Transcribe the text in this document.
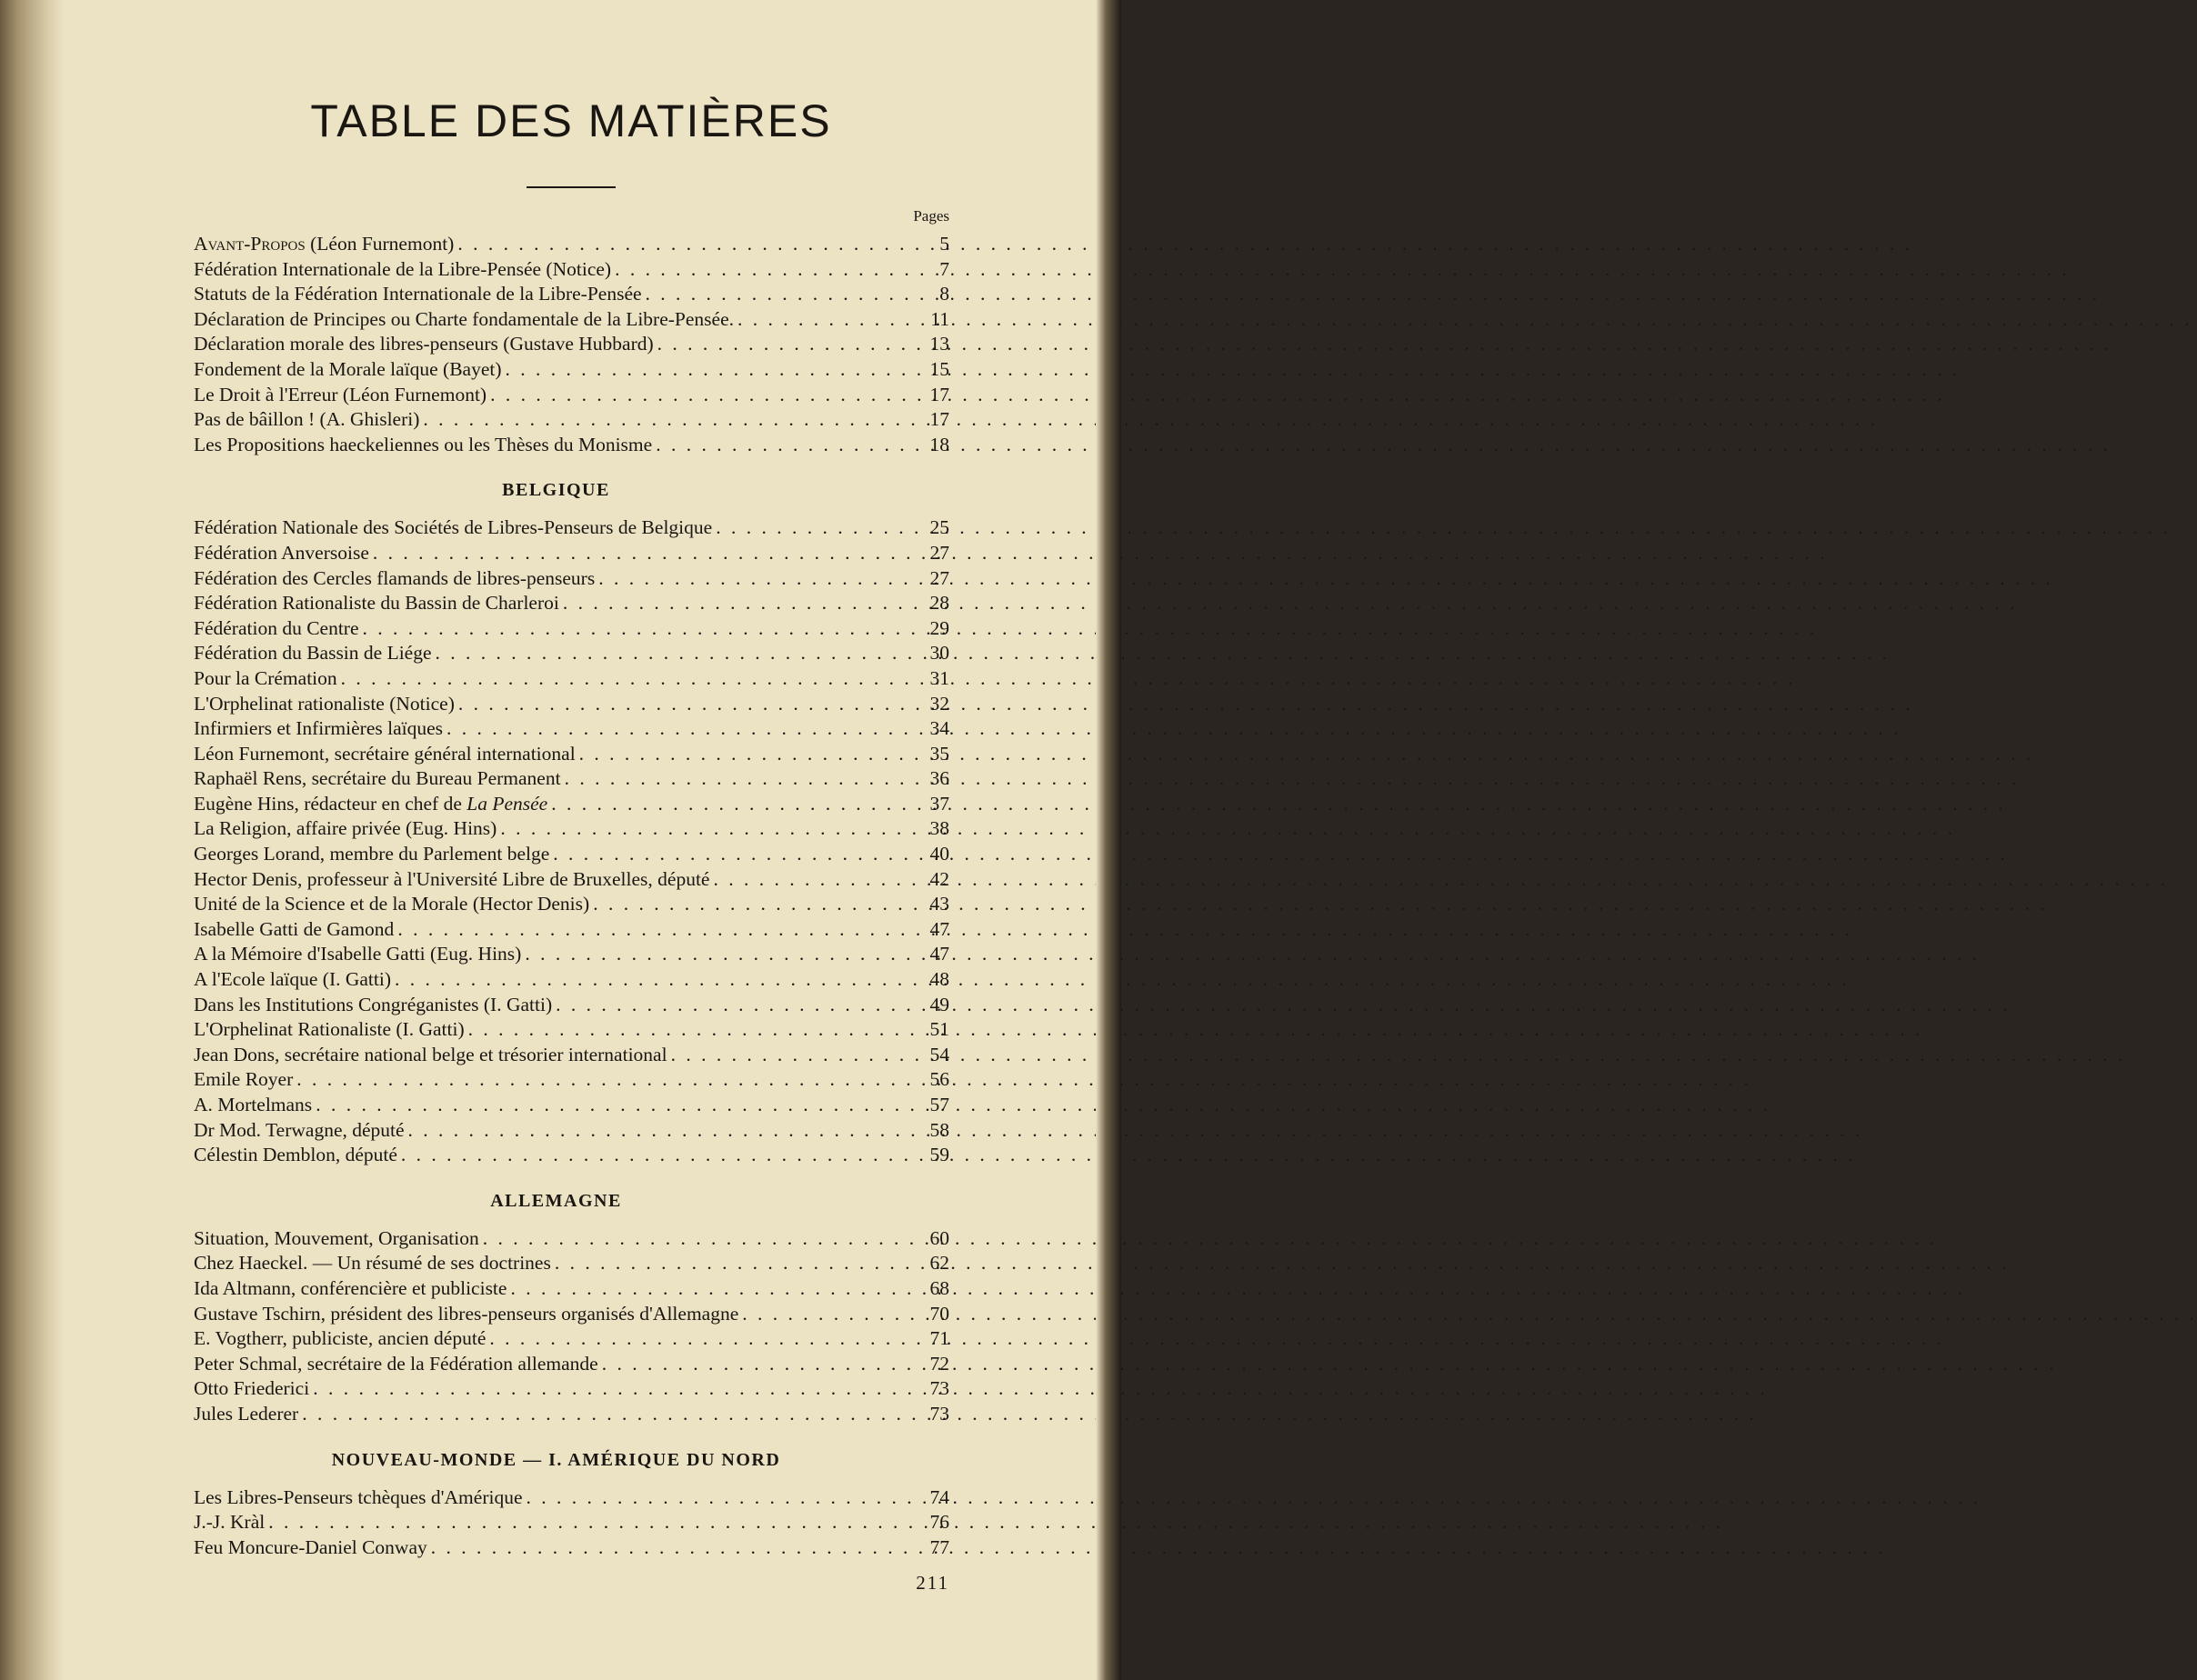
TABLE DES MATIÈRES
Pages
Avant-Propos (Léon Furnemont) . . .	5
Fédération Internationale de la Libre-Pensée (Notice) . . .	7
Statuts de la Fédération Internationale de la Libre-Pensée . . .	8
Déclaration de Principes ou Charte fondamentale de la Libre-Pensée. . . .	11
Déclaration morale des libres-penseurs (Gustave Hubbard) . . .	13
Fondement de la Morale laïque (Bayet) . . .	15
Le Droit à l'Erreur (Léon Furnemont) . . .	17
Pas de bâillon ! (A. Ghisleri) . . .	17
Les Propositions haeckeliennes ou les Thèses du Monisme . . .	18
BELGIQUE
Fédération Nationale des Sociétés de Libres-Penseurs de Belgique . . .	25
Fédération Anversoise . . .	27
Fédération des Cercles flamands de libres-penseurs . . .	27
Fédération Rationaliste du Bassin de Charleroi . . .	28
Fédération du Centre . . .	29
Fédération du Bassin de Liége . . .	30
Pour la Crémation . . .	31
L'Orphelinat rationaliste (Notice) . . .	32
Infirmiers et Infirmières laïques . . .	34
Léon Furnemont, secrétaire général international . . .	35
Raphaël Rens, secrétaire du Bureau Permanent . . .	36
Eugène Hins, rédacteur en chef de La Pensée . . .	37
La Religion, affaire privée (Eug. Hins) . . .	38
Georges Lorand, membre du Parlement belge . . .	40
Hector Denis, professeur à l'Université Libre de Bruxelles, député . . .	42
Unité de la Science et de la Morale (Hector Denis) . . .	43
Isabelle Gatti de Gamond . . .	47
A la Mémoire d'Isabelle Gatti (Eug. Hins) . . .	47
A l'Ecole laïque (I. Gatti) . . .	48
Dans les Institutions Congréganistes (I. Gatti) . . .	49
L'Orphelinat Rationaliste (I. Gatti) . . .	51
Jean Dons, secrétaire national belge et trésorier international . . .	54
Emile Royer . . .	56
A. Mortelmans . . .	57
Dr Mod. Terwagne, député . . .	58
Célestin Demblon, député . . .	59
ALLEMAGNE
Situation, Mouvement, Organisation . . .	60
Chez Haeckel. — Un résumé de ses doctrines . . .	62
Ida Altmann, conférencière et publiciste . . .	68
Gustave Tschirn, président des libres-penseurs organisés d'Allemagne . . .	70
E. Vogtherr, publiciste, ancien député . . .	71
Peter Schmal, secrétaire de la Fédération allemande . . .	72
Otto Friederici . . .	73
Jules Lederer . . .	73
NOUVEAU-MONDE — I. AMÉRIQUE DU NORD
Les Libres-Penseurs tchèques d'Amérique . . .	74
J.-J. Kràl . . .	76
Feu Moncure-Daniel Conway . . .	77
211
